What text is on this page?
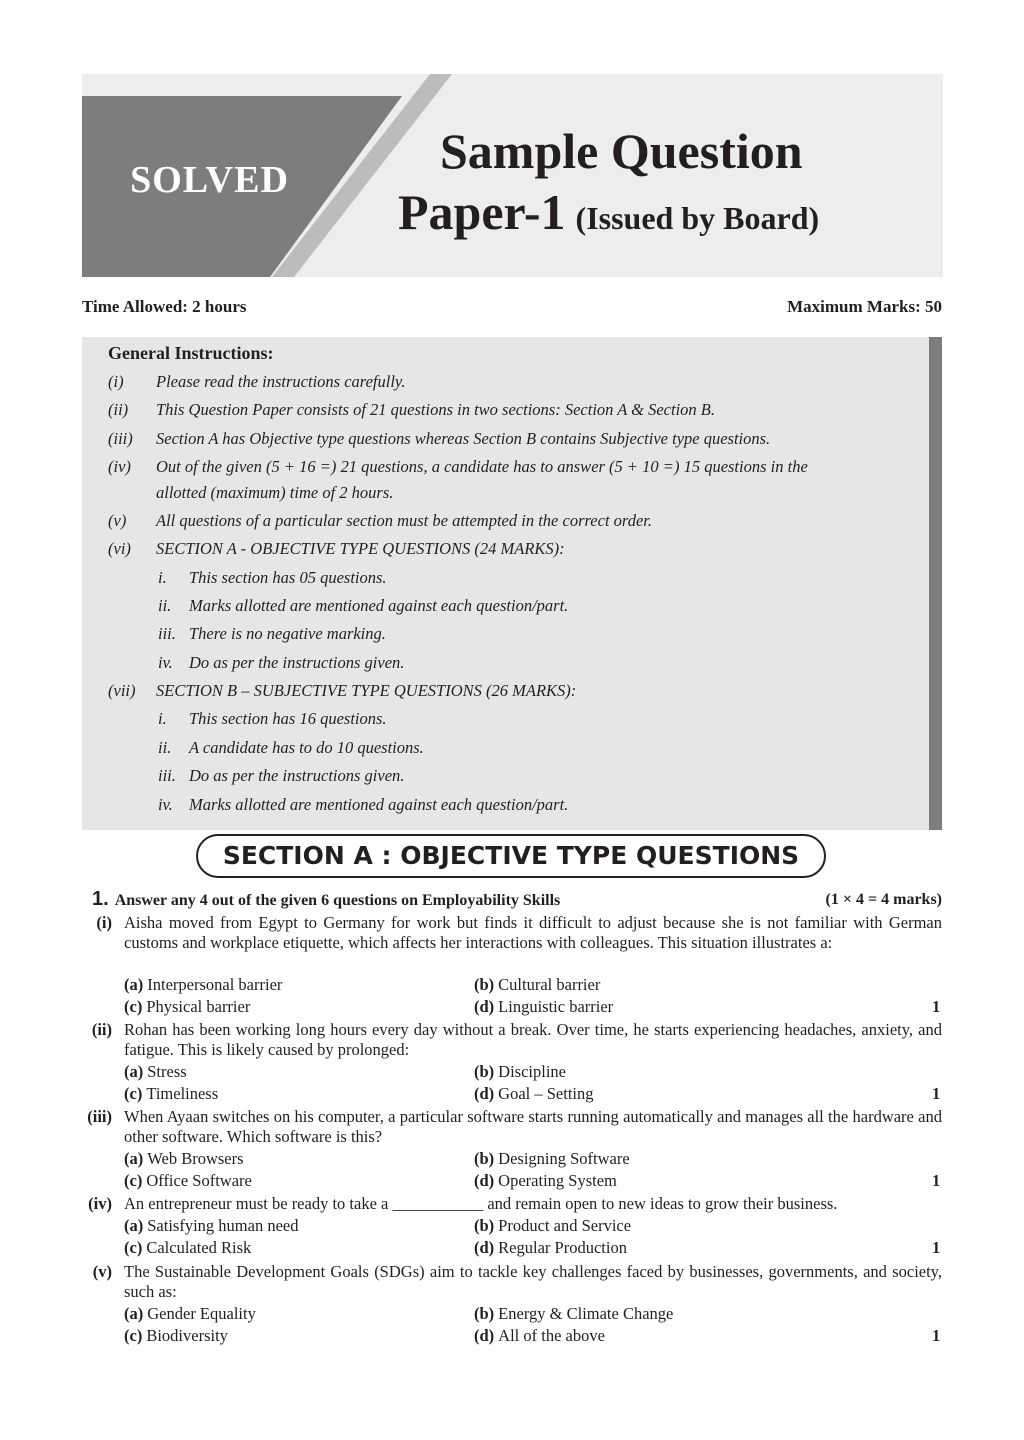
SOLVED
Sample Question
Paper-1 (Issued by Board)
Time Allowed: 2 hours	Maximum Marks: 50
General Instructions:
(i) Please read the instructions carefully.
(ii) This Question Paper consists of 21 questions in two sections: Section A & Section B.
(iii) Section A has Objective type questions whereas Section B contains Subjective type questions.
(iv) Out of the given (5 + 16 =) 21 questions, a candidate has to answer (5 + 10 =) 15 questions in the
allotted (maximum) time of 2 hours.
(v) All questions of a particular section must be attempted in the correct order.
(vi) SECTION A - OBJECTIVE TYPE QUESTIONS (24 MARKS):
i. This section has 05 questions.
ii. Marks allotted are mentioned against each question/part.
iii. There is no negative marking.
iv. Do as per the instructions given.
(vii) SECTION B – SUBJECTIVE TYPE QUESTIONS (26 MARKS):
i. This section has 16 questions.
ii. A candidate has to do 10 questions.
iii. Do as per the instructions given.
iv. Marks allotted are mentioned against each question/part.
SECTION A : OBJECTIVE TYPE QUESTIONS
1. Answer any 4 out of the given 6 questions on Employability Skills	(1 × 4 = 4 marks)
(i) Aisha moved from Egypt to Germany for work but finds it difficult to adjust because she is not familiar with German customs and workplace etiquette, which affects her interactions with colleagues. This situation illustrates a:
(a) Interpersonal barrier	(b) Cultural barrier
(c) Physical barrier	(d) Linguistic barrier	1
(ii) Rohan has been working long hours every day without a break. Over time, he starts experiencing headaches, anxiety, and fatigue. This is likely caused by prolonged:
(a) Stress	(b) Discipline
(c) Timeliness	(d) Goal – Setting	1
(iii) When Ayaan switches on his computer, a particular software starts running automatically and manages all the hardware and other software. Which software is this?
(a) Web Browsers	(b) Designing Software
(c) Office Software	(d) Operating System	1
(iv) An entrepreneur must be ready to take a ___________ and remain open to new ideas to grow their business.
(a) Satisfying human need	(b) Product and Service
(c) Calculated Risk	(d) Regular Production	1
(v) The Sustainable Development Goals (SDGs) aim to tackle key challenges faced by businesses, governments, and society, such as:
(a) Gender Equality	(b) Energy & Climate Change
(c) Biodiversity	(d) All of the above	1
